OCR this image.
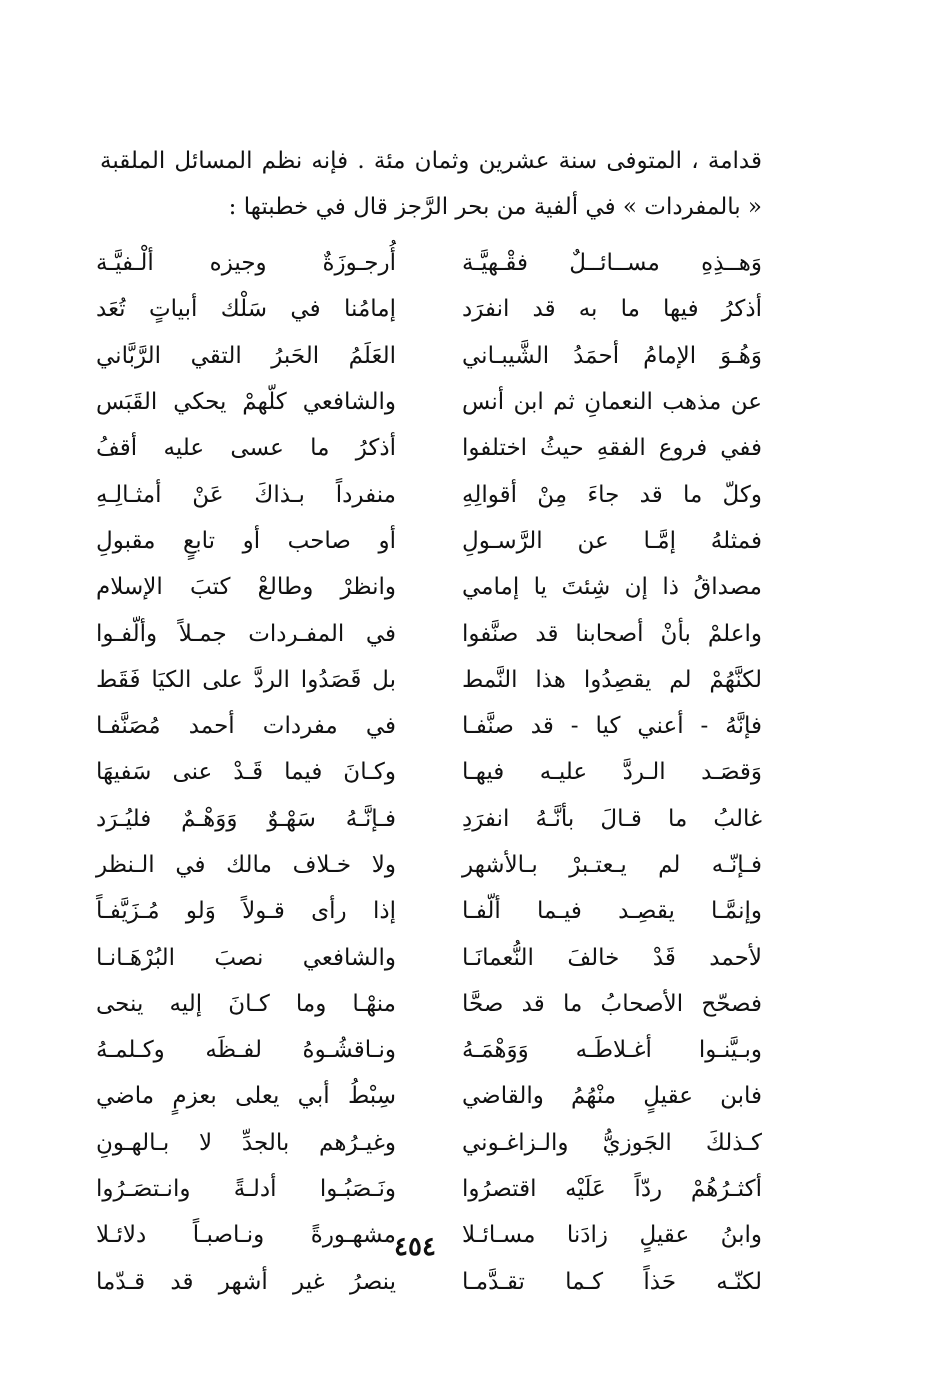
قدامة ، المتوفى سنة عشرين وثمان مئة . فإنه نظم المسائل الملقبة
« بالمفردات » في ألفية من بحر الرَّجز قال في خطبتها :
وَهــذِهِ مســائــلٌ فقْـهيَّـة
أُرجـوزَةٌ وجيزه ألْـفيَّـة
أذكرُ فيها ما به قد انفرَد
إمامُنا في سَلْك أبياتٍ تُعَد
وَهُـوَ الإمامُ أحمَدُ الشَّيبـاني
العَلَمُ الحَبرُ التقي الرَّبَّاني
عن مذهب النعمانِ ثم ابن أنس
والشافعي كلّهمْ يحكي القَبَس
ففي فروع الفقهِ حيثُ اختلفوا
أذكرُ ما عسى عليه أقفُ
وكلّ ما قد جاءَ مِنْ أقوالِهِ
منفرداً بـذاكَ عَنْ أمثـالِـهِ
فمثلهُ إمَّـا عن الرَّسـولِ
أو صاحب أو تابعٍ مقبولِ
مصداقُ ذا إن شِئتَ يا إمامي
وانظرْ وطالعْ كتبَ الإسلام
واعلمْ بأنْ أصحابنا قد صنَّفوا
في المفـردات جمـلاً وألّفـوا
لكنَّهُمْ لم يقصِدُوا هذا النَّمط
بل قَصَدُوا الردَّ على الكيَا فَقَط
فإنَّهُ - أعني كيا - قد صنَّفـا
في مفردات أحمد مُصَنَّفـا
وَقصَـد الـردَّ عليـه فيهـا
وكـانَ فيما قَـدْ عنى سَفيهَا
غالبُ ما قـالَ بأنَّـهُ انفرَدِ
فـإنَّـهُ سَهْـوٌ وَوَهْـمٌ فليُـرَد
فـإنّـه لم يـعتـبرْ بـالأشهر
ولا خـلاف مالك في الـنظر
وإنمَّـا يقصِـد فيـما ألّفـا
إذا رأى قـولاً وَلو مُـزَيَّفـاً
لأحمد قَدْ خالفَ النُّعمانَـا
والشافعي نصبَ البُرْهَـانـا
فصحّح الأصحابُ ما قد صحَّا
منهْـا وما كـانَ إليه ينحى
وبـيَّنـوا أغـلاطَـه وَوَهْمَـهُ
ونـاقشُـوهُ لفـظَه وكـلمـهُ
فابن عقيلٍ منْهُمُ والقاضي
سِبْطُ أبي يعلى بعزمٍ ماضي
كـذلكَ الجَوزيُّ والـزاغـوني
وغيـرُهم بالجدِّ لا بـالهـونِ
أكثـرُهُمْ ردّاً عَلَيْه اقتصرُوا
ونَـصَبُـوا أدلـةً وانـتصَـرُوا
وابنُ عقيلٍ زادَنا مسـائـلا
مشهـورةً ونـاصبـاً دلائـلا
لكنّـه حَذاً كـما تقـدَّمـا
ينصرُ غير أشهر قد قـدّما
٤٥٤
